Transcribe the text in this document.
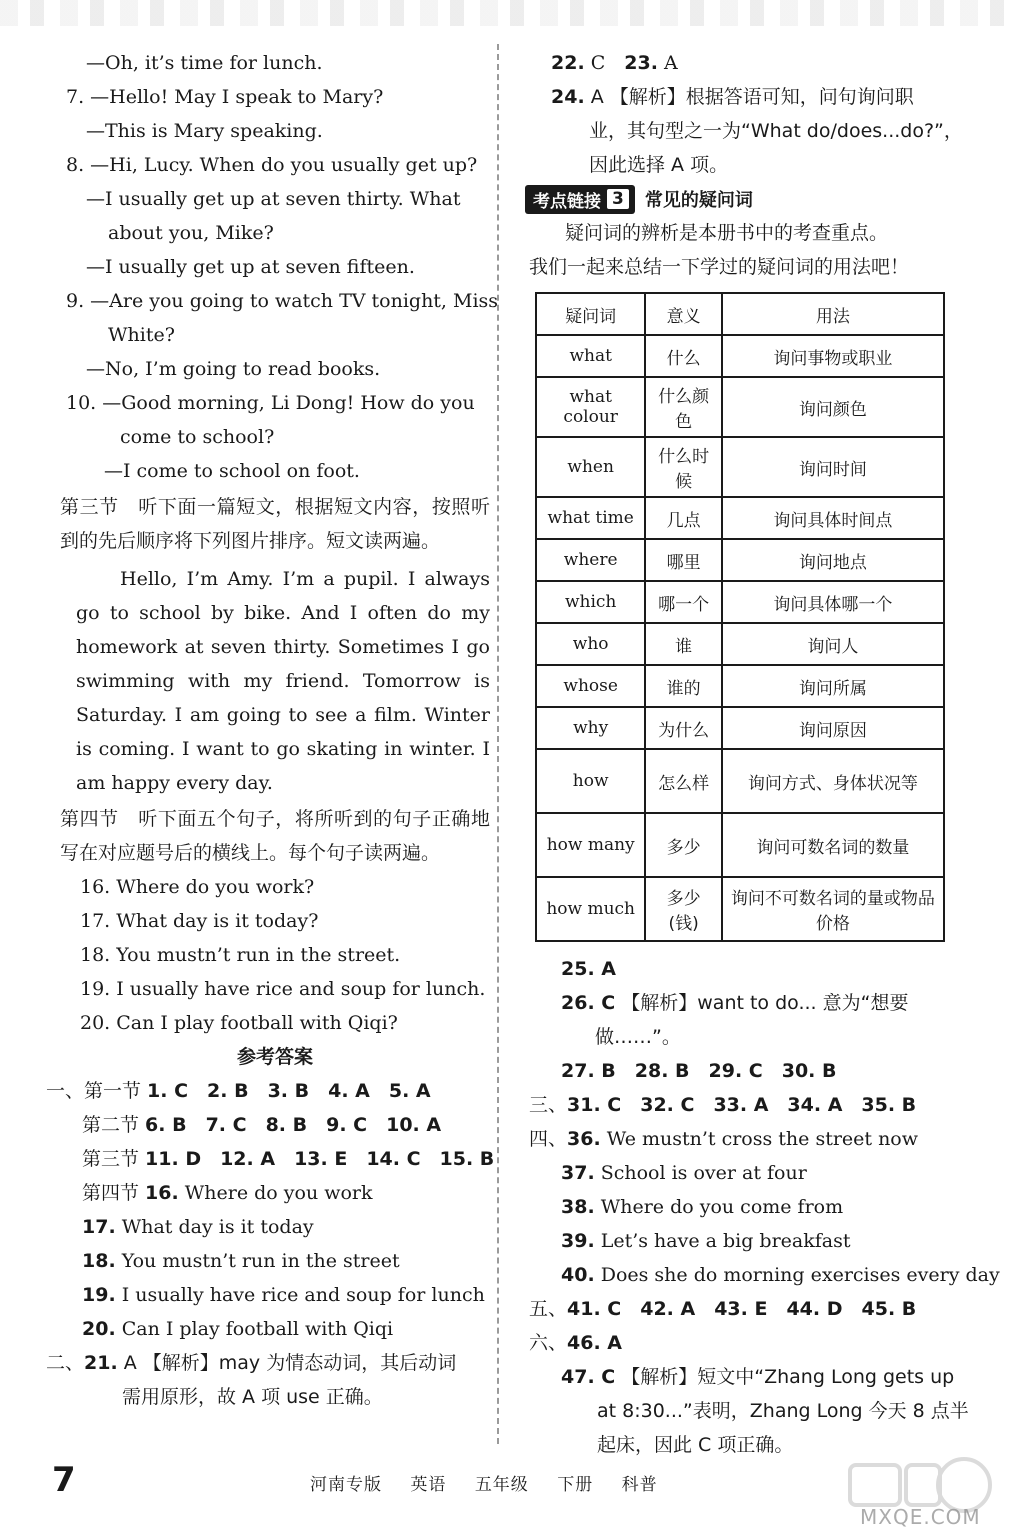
—Oh, it’s time for lunch.
7. —Hello! May I speak to Mary?
—This is Mary speaking.
8. —Hi, Lucy. When do you usually get up?
—I usually get up at seven thirty. What
about you, Mike?
—I usually get up at seven fifteen.
9. —Are you going to watch TV tonight, Miss
White?
—No, I’m going to read books.
10. —Good morning, Li Dong! How do you
come to school?
—I come to school on foot.
第三节　听下面一篇短文，根据短文内容，按照听到的先后顺序将下列图片排序。短文读两遍。
Hello, I’m Amy. I’m a pupil. I always go to school by bike. And I often do my homework at seven thirty. Sometimes I go swimming with my friend. Tomorrow is Saturday. I am going to see a film. Winter is coming. I want to go skating in winter. I am happy every day.
第四节　听下面五个句子，将所听到的句子正确地写在对应题号后的横线上。每个句子读两遍。
16. Where do you work?
17. What day is it today?
18. You mustn’t run in the street.
19. I usually have rice and soup for lunch.
20. Can I play football with Qiqi?
参考答案
一、第一节 1. C　2. B　3. B　4. A　5. A
第二节 6. B　7. C　8. B　9. C　10. A
第三节 11. D　12. A　13. E　14. C　15. B
第四节 16. Where do you work
17. What day is it today
18. You mustn’t run in the street
19. I usually have rice and soup for lunch
20. Can I play football with Qiqi
二、21. A 【解析】may 为情态动词，其后动词
需用原形，故 A 项 use 正确。
22. C　23. A
24. A 【解析】根据答语可知，问句询问职
业，其句型之一为“What do/does...do?”，
因此选择 A 项。
考点链接 3 常见的疑问词
疑问词的辨析是本册书中的考查重点。
我们一起来总结一下学过的疑问词的用法吧！
疑问词	意义	用法
what	什么	询问事物或职业
what colour	什么颜色	询问颜色
when	什么时候	询问时间
what time	几点	询问具体时间点
where	哪里	询问地点
which	哪一个	询问具体哪一个
who	谁	询问人
whose	谁的	询问所属
why	为什么	询问原因
how	怎么样	询问方式、身体状况等
how many	多少	询问可数名词的数量
how much	多少(钱)	询问不可数名词的量或物品价格
25. A
26. C 【解析】want to do... 意为“想要
做……”。
27. B　28. B　29. C　30. B
三、31. C　32. C　33. A　34. A　35. B
四、36. We mustn’t cross the street now
37. School is over at four
38. Where do you come from
39. Let’s have a big breakfast
40. Does she do morning exercises every day
五、41. C　42. A　43. E　44. D　45. B
六、46. A
47. C 【解析】短文中“Zhang Long gets up
at 8:30...”表明，Zhang Long 今天 8 点半
起床，因此 C 项正确。
7	河南专版 英语 五年级 下册 科普
MXQE.COM
